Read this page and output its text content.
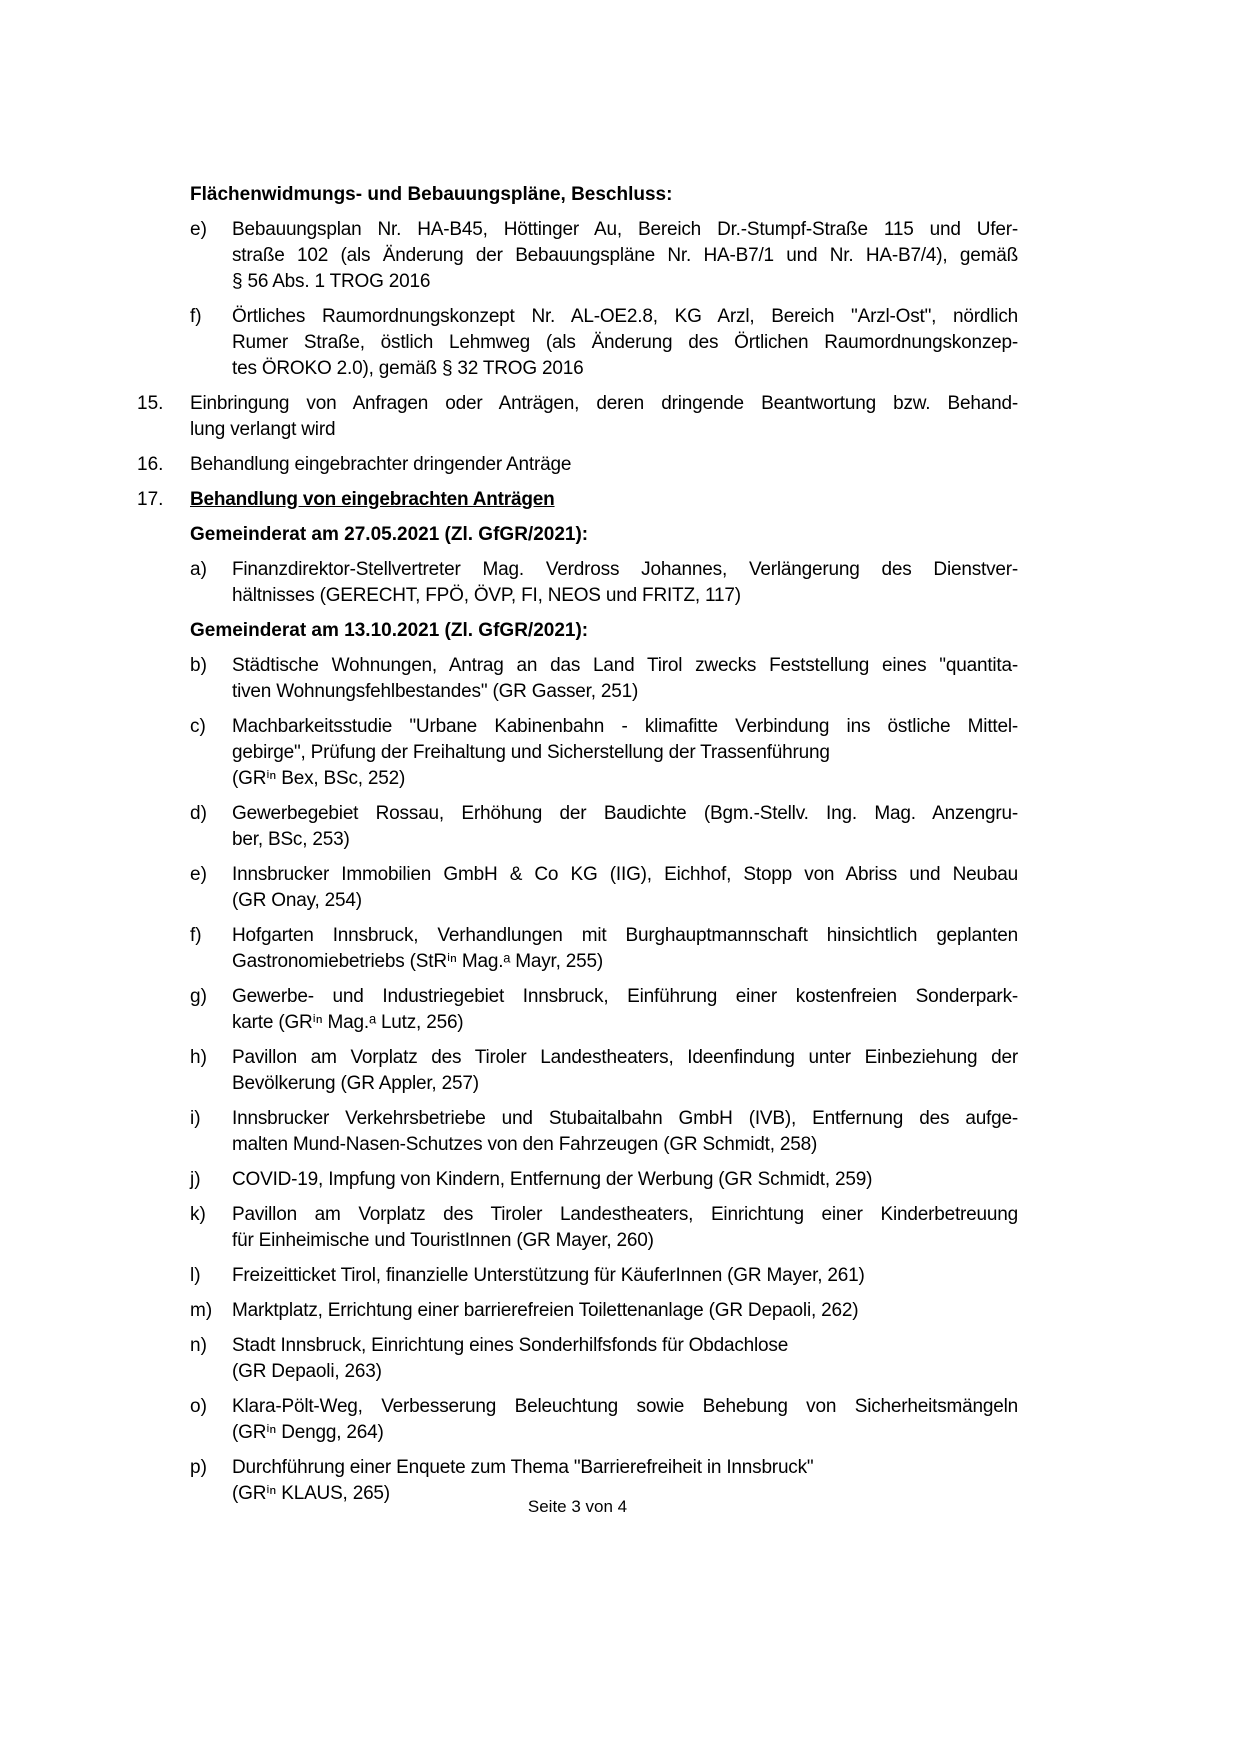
Flächenwidmungs- und Bebauungspläne, Beschluss:
e)	Bebauungsplan Nr. HA-B45, Höttinger Au, Bereich Dr.-Stumpf-Straße 115 und Ufer-
straße 102 (als Änderung der Bebauungspläne Nr. HA-B7/1 und Nr. HA-B7/4), gemäß
§ 56 Abs. 1 TROG 2016
f)	Örtliches Raumordnungskonzept Nr. AL-OE2.8, KG Arzl, Bereich "Arzl-Ost", nördlich
Rumer Straße, östlich Lehmweg (als Änderung des Örtlichen Raumordnungskonzep-
tes ÖROKO 2.0), gemäß § 32 TROG 2016
15.	Einbringung von Anfragen oder Anträgen, deren dringende Beantwortung bzw. Behand-
lung verlangt wird
16.	Behandlung eingebrachter dringender Anträge
17.	Behandlung von eingebrachten Anträgen
Gemeinderat am 27.05.2021 (Zl. GfGR/2021):
a)	Finanzdirektor-Stellvertreter Mag. Verdross Johannes, Verlängerung des Dienstver-
hältnisses (GERECHT, FPÖ, ÖVP, FI, NEOS und FRITZ, 117)
Gemeinderat am 13.10.2021 (Zl. GfGR/2021):
b)	Städtische Wohnungen, Antrag an das Land Tirol zwecks Feststellung eines "quantita-
tiven Wohnungsfehlbestandes" (GR Gasser, 251)
c)	Machbarkeitsstudie "Urbane Kabinenbahn - klimafitte Verbindung ins östliche Mittel-
gebirge", Prüfung der Freihaltung und Sicherstellung der Trassenführung
(GRⁱⁿ Bex, BSc, 252)
d)	Gewerbegebiet Rossau, Erhöhung der Baudichte (Bgm.-Stellv. Ing. Mag. Anzengru-
ber, BSc, 253)
e)	Innsbrucker Immobilien GmbH & Co KG (IIG), Eichhof, Stopp von Abriss und Neubau
(GR Onay, 254)
f)	Hofgarten Innsbruck, Verhandlungen mit Burghauptmannschaft hinsichtlich geplanten
Gastronomiebetriebs (StRⁱⁿ Mag.ᵃ Mayr, 255)
g)	Gewerbe- und Industriegebiet Innsbruck, Einführung einer kostenfreien Sonderpark-
karte (GRⁱⁿ Mag.ᵃ Lutz, 256)
h)	Pavillon am Vorplatz des Tiroler Landestheaters, Ideenfindung unter Einbeziehung der
Bevölkerung (GR Appler, 257)
i)	Innsbrucker Verkehrsbetriebe und Stubaitalbahn GmbH (IVB), Entfernung des aufge-
malten Mund-Nasen-Schutzes von den Fahrzeugen (GR Schmidt, 258)
j)	COVID-19, Impfung von Kindern, Entfernung der Werbung (GR Schmidt, 259)
k)	Pavillon am Vorplatz des Tiroler Landestheaters, Einrichtung einer Kinderbetreuung
für Einheimische und TouristInnen (GR Mayer, 260)
l)	Freizeitticket Tirol, finanzielle Unterstützung für KäuferInnen (GR Mayer, 261)
m)	Marktplatz, Errichtung einer barrierefreien Toilettenanlage (GR Depaoli, 262)
n)	Stadt Innsbruck, Einrichtung eines Sonderhilfsfonds für Obdachlose
(GR Depaoli, 263)
o)	Klara-Pölt-Weg, Verbesserung Beleuchtung sowie Behebung von Sicherheitsmängeln
(GRⁱⁿ Dengg, 264)
p)	Durchführung einer Enquete zum Thema "Barrierefreiheit in Innsbruck"
(GRⁱⁿ KLAUS, 265)
Seite 3 von 4
